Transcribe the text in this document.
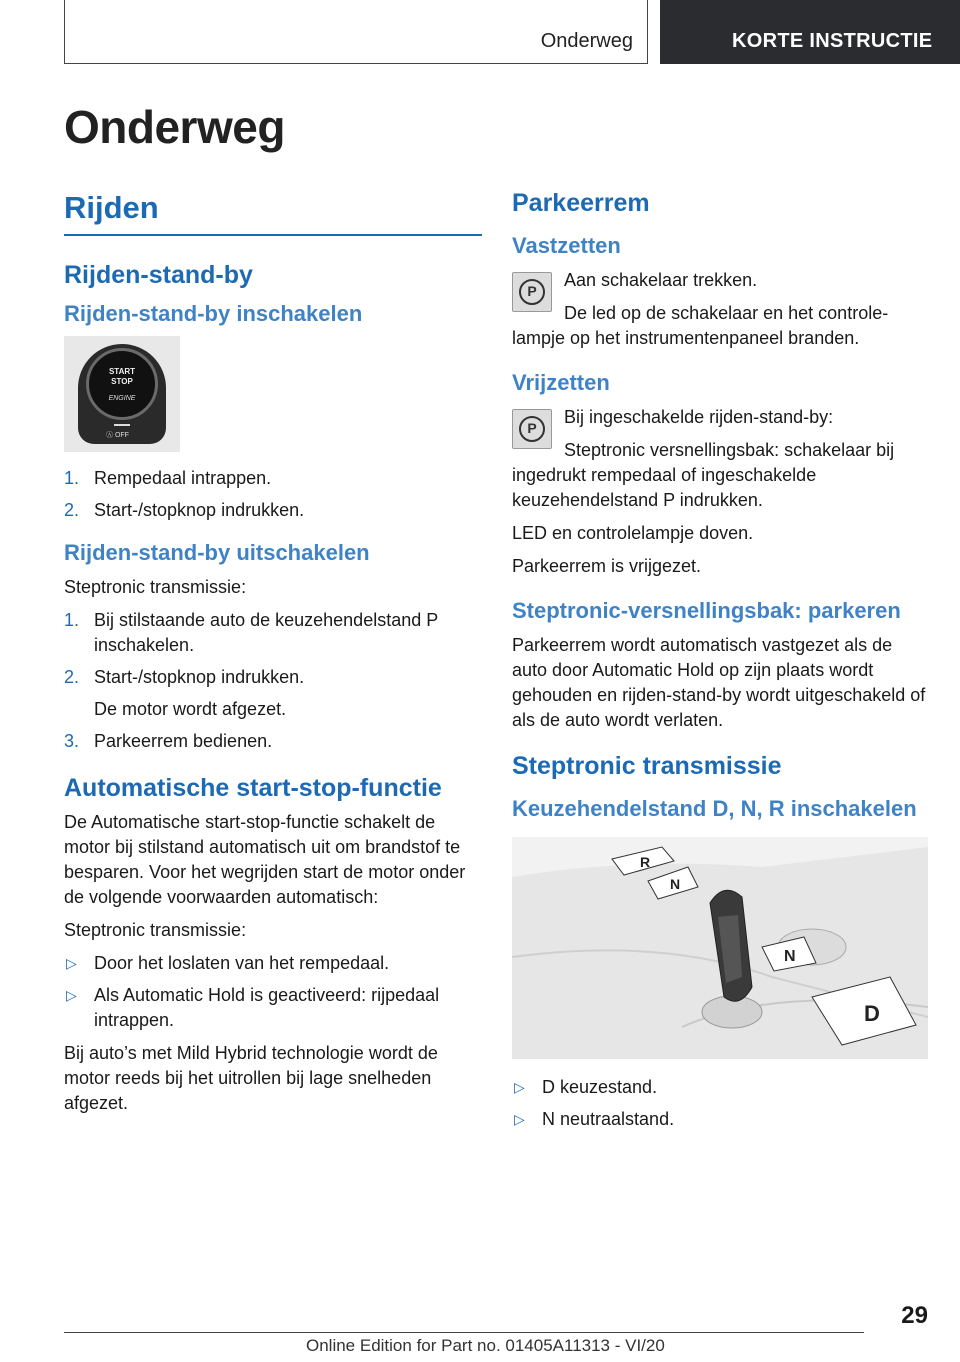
Onderweg	KORTE INSTRUCTIE
Onderweg
Rijden
Rijden-stand-by
Rijden-stand-by inschakelen
START
STOP
ENGINE
Ⓐ OFF
1. Rempedaal intrappen.
2. Start-/stopknop indrukken.
Rijden-stand-by uitschakelen

Steptronic transmissie:

1. Bij stilstaande auto de keuzehendelstand P inschakelen.
2. Start-/stopknop indrukken.
De motor wordt afgezet.
3. Parkeerrem bedienen.
Automatische start-stop-functie

De Automatische start-stop-functie schakelt de motor bij stilstand automatisch uit om brandstof te besparen. Voor het wegrijden start de motor onder de volgende voorwaarden automatisch:

Steptronic transmissie:

▷ Door het loslaten van het rempedaal.
▷ Als Automatic Hold is geactiveerd: rijpedaal intrappen.

Bij auto’s met Mild Hybrid technologie wordt de motor reeds bij het uitrollen bij lage snelheden afgezet.

Parkeerrem
Vastzetten
P

Aan schakelaar trekken.

De led op de schakelaar en het controle-

lampje op het instrumentenpaneel branden.

Vrijzetten
P

Bij ingeschakelde rijden-stand-by:

Steptronic versnellingsbak: schakelaar bij

ingedrukt rempedaal of ingeschakelde keuzehendelstand P indrukken.

LED en controlelampje doven.

Parkeerrem is vrijgezet.

Steptronic-versnellingsbak: parkeren

Parkeerrem wordt automatisch vastgezet als de auto door Automatic Hold op zijn plaats wordt gehouden en rijden-stand-by wordt uitgeschakeld of als de auto wordt verlaten.

Steptronic transmissie
Keuzehendelstand D, N, R inschakelen
R
N
N
D
▷ D keuzestand.
▷ N neutraalstand.
29
Online Edition for Part no. 01405A11313 - VI/20
